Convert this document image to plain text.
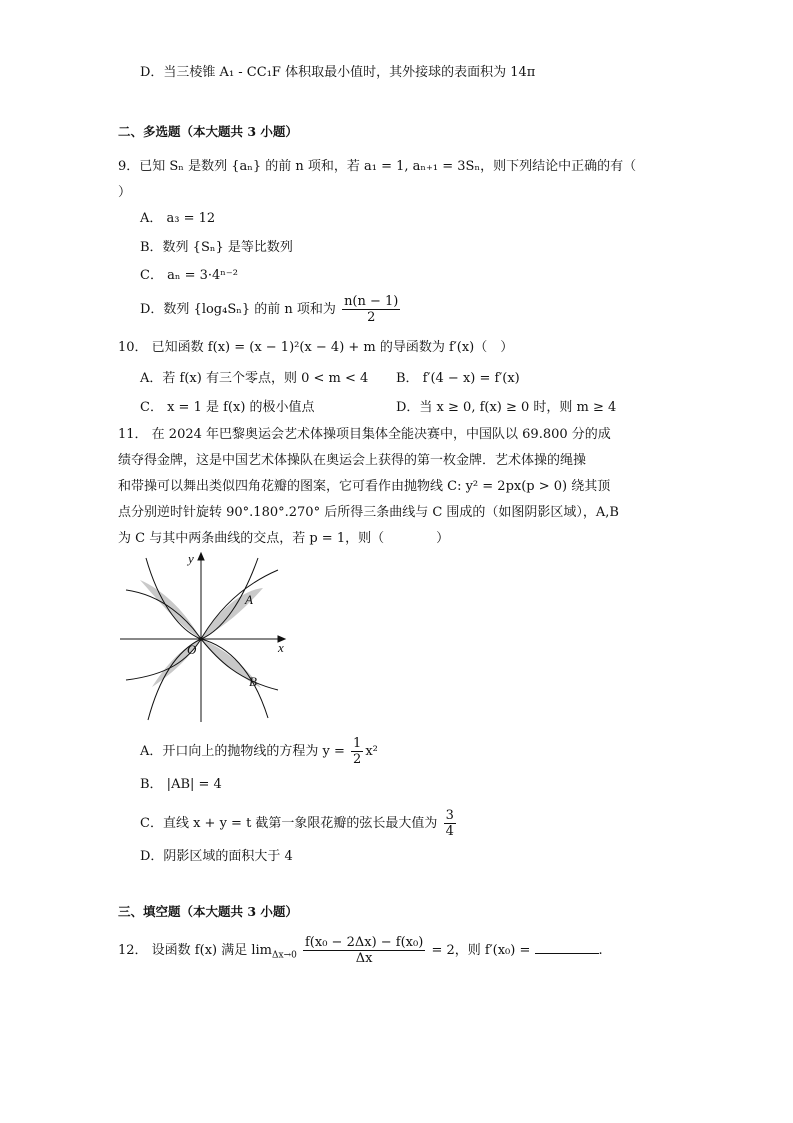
D．当三棱锥 A₁ - CC₁F 体积取最小值时，其外接球的表面积为 14π
二、多选题（本大题共 3 小题）
9．已知 Sₙ 是数列 {aₙ} 的前 n 项和，若 a₁ = 1, aₙ₊₁ = 3Sₙ，则下列结论中正确的有（
）
A． a₃ = 12
B．数列 {Sₙ} 是等比数列
C． aₙ = 3·4ⁿ⁻²
D．数列 {log₄Sₙ} 的前 n 项和为 $\frac{n(n - 1)}{2}$
10． 已知函数 f(x) = (x − 1)²(x − 4) + m 的导函数为 f′(x)（　）
A．若 f(x) 有三个零点，则 0 < m < 4 B． f′(4 − x) = f′(x)
C． x = 1 是 f(x) 的极小值点	D．当 x ≥ 0, f(x) ≥ 0 时，则 m ≥ 4
11． 在 2024 年巴黎奥运会艺术体操项目集体全能决赛中，中国队以 69.800 分的成
绩夺得金牌，这是中国艺术体操队在奥运会上获得的第一枚金牌．艺术体操的绳操
和带操可以舞出类似四角花瓣的图案，它可看作由抛物线 C: y² = 2px(p > 0) 绕其顶
点分别逆时针旋转 90°.180°.270° 后所得三条曲线与 C 围成的（如图阴影区域），A,B
为 C 与其中两条曲线的交点，若 p = 1，则（　　　　）
y
x
O
A
B
A．开口向上的抛物线的方程为 $y = \frac{1}{2} x^2$
B． |AB| = 4
C．直线 x + y = t 截第一象限花瓣的弦长最大值为 $\frac{3}{4}$
D．阴影区域的面积大于 4
三、填空题（本大题共 3 小题）
12． 设函数 f(x) 满足 $\lim_{\Delta x\to 0} \frac{\text{f(x₀ − 2Δx) − f(x₀)}}{\Delta x} = 2$，则 f′(x₀) =	.
